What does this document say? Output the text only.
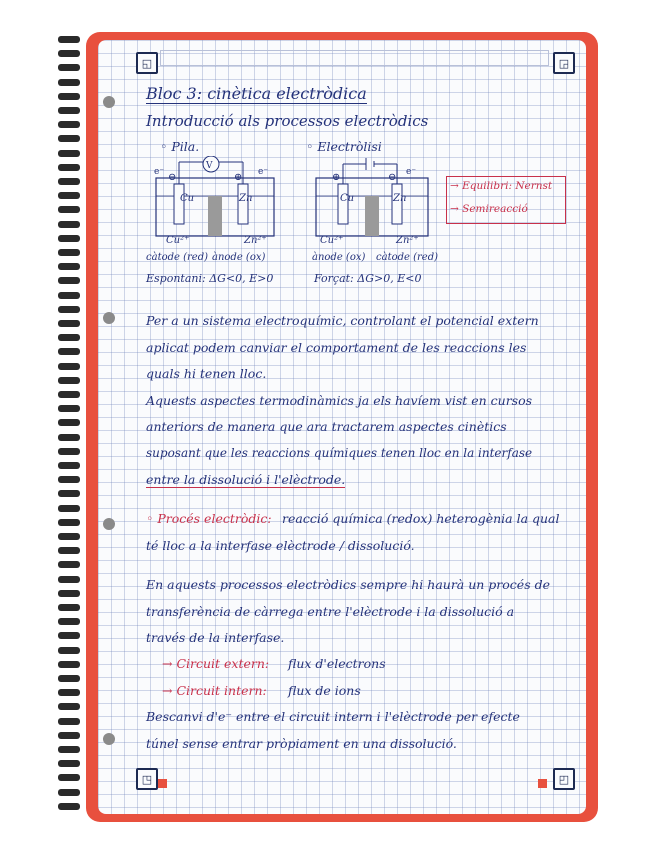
◱	◲
◳	◰
Bloc 3: cinètica electròdica
Introducció als processos electròdics
◦ Pila.
V
e⁻	e⁻
⊕
⊖
Cu	Zn
Cu²⁺	Zn²⁺
càtode (red) ànode (ox)
Espontani: ΔG<0, E>0
◦ Electròlisi
⊕	⊖ e⁻
Cu	Zn
Cu²⁺	Zn²⁺
ànode (ox) càtode (red)
Forçat: ΔG>0, E<0
→ Equilibri: Nernst
→ Semireacció
Per a un sistema electroquímic, controlant el potencial extern
aplicat podem canviar el comportament de les reaccions les
quals hi tenen lloc.
Aquests aspectes termodinàmics ja els havíem vist en cursos
anteriors de manera que ara tractarem aspectes cinètics
suposant que les reaccions químiques tenen lloc en la interfase
entre la dissolució i l'elèctrode.
◦ Procés electròdic: reacció química (redox) heterogènia la qual
té lloc a la interfase elèctrode / dissolució.
En aquests processos electròdics sempre hi haurà un procés de
transferència de càrrega entre l'elèctrode i la dissolució a
través de la interfase.
→ Circuit extern: flux d'electrons
→ Circuit intern: flux de ions
Bescanvi d'e⁻ entre el circuit intern i l'elèctrode per efecte
túnel sense entrar pròpiament en una dissolució.
